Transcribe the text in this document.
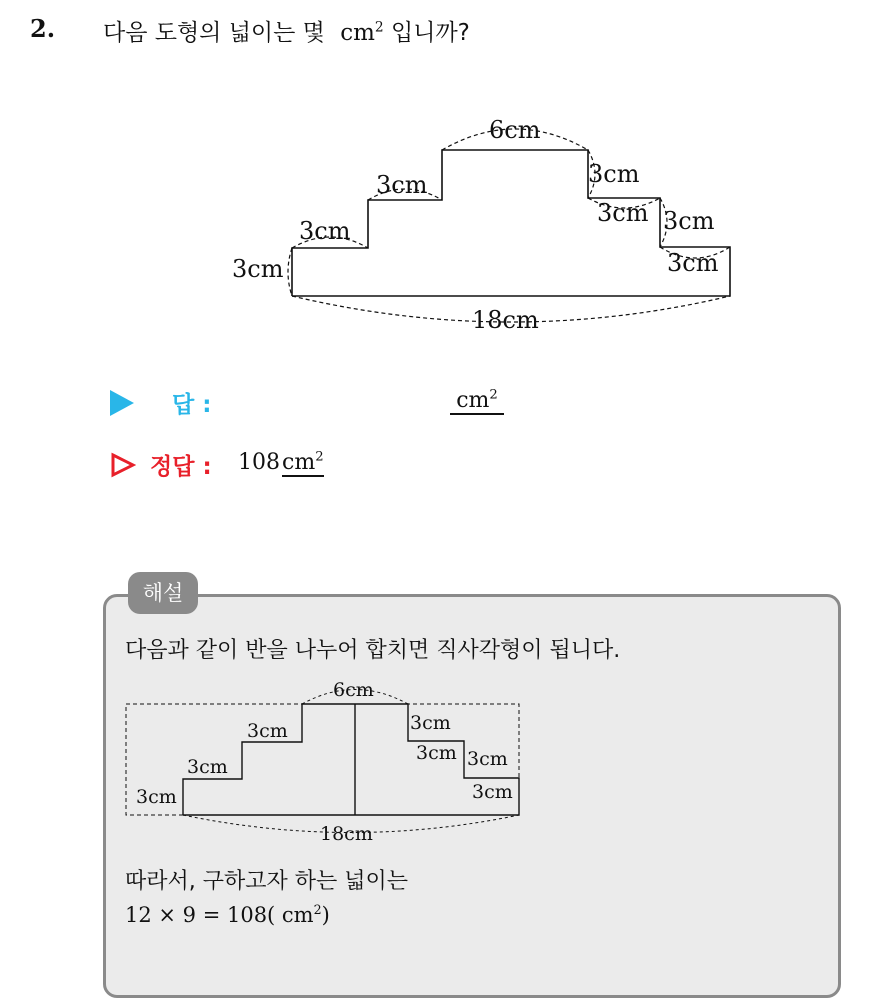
2. 다음 도형의 넓이는 몇 $cm^2$ 입니까?
6cm
3cm
3cm
3cm	3cm
3cm 3cm
3cm
18cm
답 :	$cm^2$
정답 : $108cm^2$
해설
다음과 같이 반을 나누어 합치면 직사각형이 됩니다.
6cm
3cm
3cm
3cm	3cm
3cm 3cm
3cm
18cm
따라서, 구하고자 하는 넓이는
12 × 9 = 108( $cm^2$)
